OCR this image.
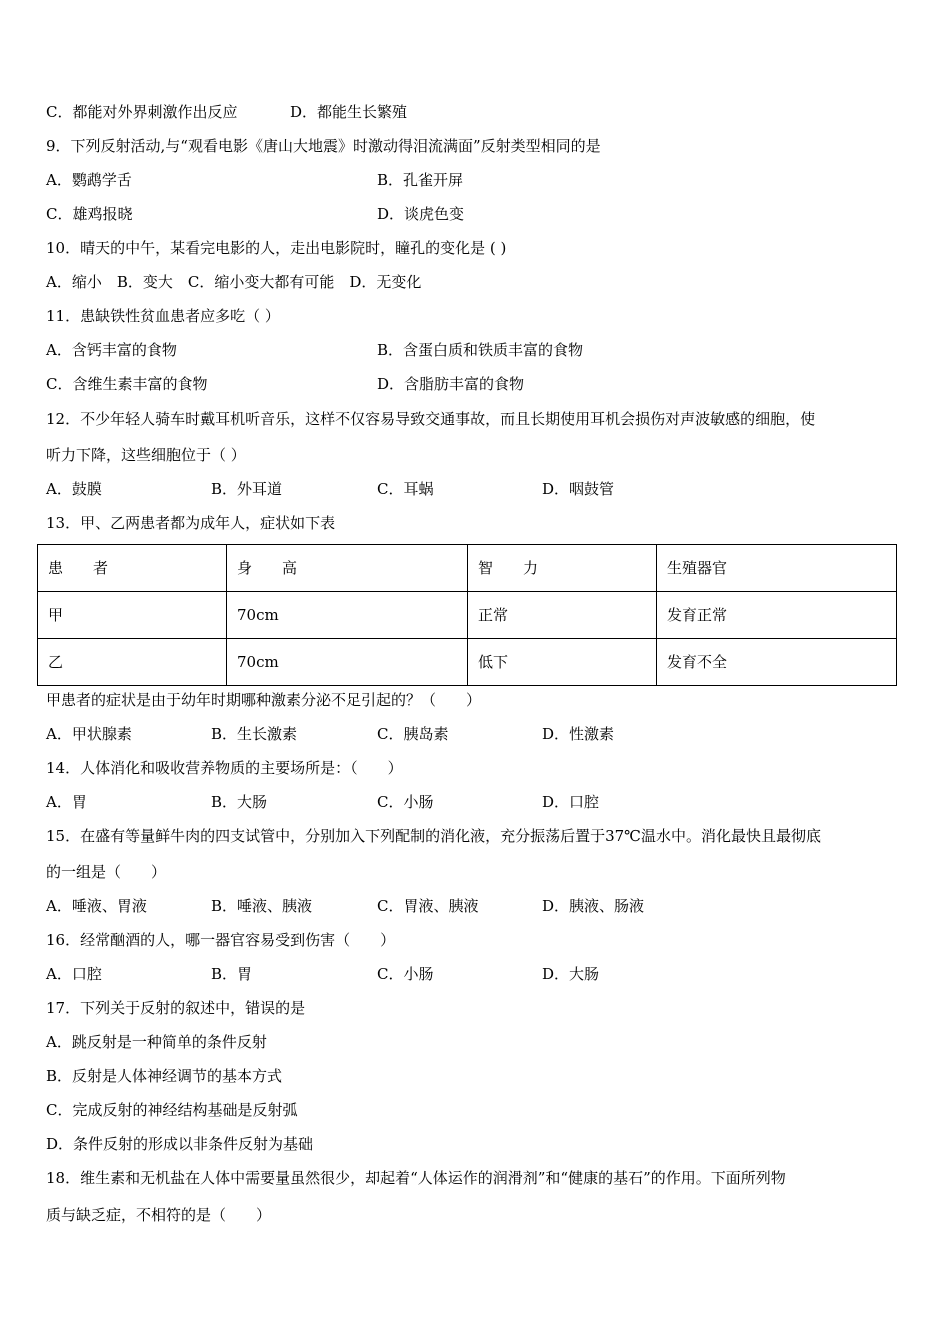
C．都能对外界刺激作出反应	D．都能生长繁殖
9．下列反射活动,与“观看电影《唐山大地震》时激动得泪流满面”反射类型相同的是
A．鹦鹉学舌	B．孔雀开屏
C．雄鸡报晓	D．谈虎色变
10．晴天的中午，某看完电影的人，走出电影院时，瞳孔的变化是 ( )
A．缩小　B．变大　C．缩小变大都有可能　D．无变化
11．患缺铁性贫血患者应多吃（ ）
A．含钙丰富的食物	B．含蛋白质和铁质丰富的食物
C．含维生素丰富的食物	D．含脂肪丰富的食物
12．不少年轻人骑车时戴耳机听音乐，这样不仅容易导致交通事故，而且长期使用耳机会损伤对声波敏感的细胞，使
听力下降，这些细胞位于（ ）
A．鼓膜	B．外耳道	C．耳蜗	D．咽鼓管
13．甲、乙两患者都为成年人，症状如下表
患　　者	身　　高	智　　力	生殖器官
甲	70cm	正常	发育正常
乙	70cm	低下	发育不全
甲患者的症状是由于幼年时期哪种激素分泌不足引起的？（　　）
A．甲状腺素	B．生长激素	C．胰岛素	D．性激素
14．人体消化和吸收营养物质的主要场所是：（　　）
A．胃	B．大肠	C．小肠	D．口腔
15．在盛有等量鲜牛肉的四支试管中，分别加入下列配制的消化液，充分振荡后置于37℃温水中。消化最快且最彻底
的一组是（　　）
A．唾液、胃液	B．唾液、胰液	C．胃液、胰液	D．胰液、肠液
16．经常酗酒的人，哪一器官容易受到伤害（　　）
A．口腔	B．胃	C．小肠	D．大肠
17．下列关于反射的叙述中，错误的是
A．跳反射是一种简单的条件反射
B．反射是人体神经调节的基本方式
C．完成反射的神经结构基础是反射弧
D．条件反射的形成以非条件反射为基础
18．维生素和无机盐在人体中需要量虽然很少，却起着“人体运作的润滑剂”和“健康的基石”的作用。下面所列物
质与缺乏症，不相符的是（　　）
